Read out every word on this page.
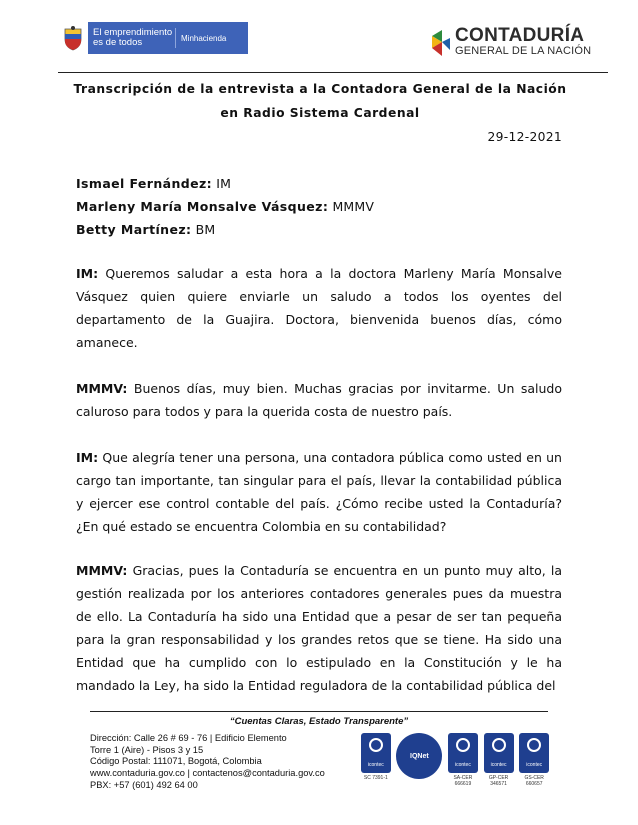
El emprendimiento es de todos	Minhacienda	CONTADURÍA
GENERAL DE LA NACIÓN
Transcripción de la entrevista a la Contadora General de la Nación
en Radio Sistema Cardenal
29-12-2021
Ismael Fernández: IM
Marleny María Monsalve Vásquez: MMMV
Betty Martínez: BM
IM: Queremos saludar a esta hora a la doctora Marleny María Monsalve Vásquez quien quiere enviarle un saludo a todos los oyentes del departamento de la Guajira. Doctora, bienvenida buenos días, cómo amanece.
MMMV: Buenos días, muy bien. Muchas gracias por invitarme. Un saludo caluroso para todos y para la querida costa de nuestro país.
IM: Que alegría tener una persona, una contadora pública como usted en un cargo tan importante, tan singular para el país, llevar la contabilidad pública y ejercer ese control contable del país. ¿Cómo recibe usted la Contaduría? ¿En qué estado se encuentra Colombia en su contabilidad?
MMMV: Gracias, pues la Contaduría se encuentra en un punto muy alto, la gestión realizada por los anteriores contadores generales pues da muestra de ello. La Contaduría ha sido una Entidad que a pesar de ser tan pequeña para la gran responsabilidad y los grandes retos que se tiene. Ha sido una Entidad que ha cumplido con lo estipulado en la Constitución y le ha mandado la Ley, ha sido la Entidad reguladora de la contabilidad pública del
“Cuentas Claras, Estado Transparente”
Dirección: Calle 26 # 69 - 76 | Edificio Elemento
Torre 1 (Aire) - Pisos 3 y 15
Código Postal: 111071, Bogotá, Colombia
www.contaduria.gov.co | contactenos@contaduria.gov.co
PBX: +57 (601) 492 64 00
icontec
SC 7391-1
IQNet
icontec
SA-CER 666619
icontec
GP-CER 346571
icontec
GS-CER 660657
